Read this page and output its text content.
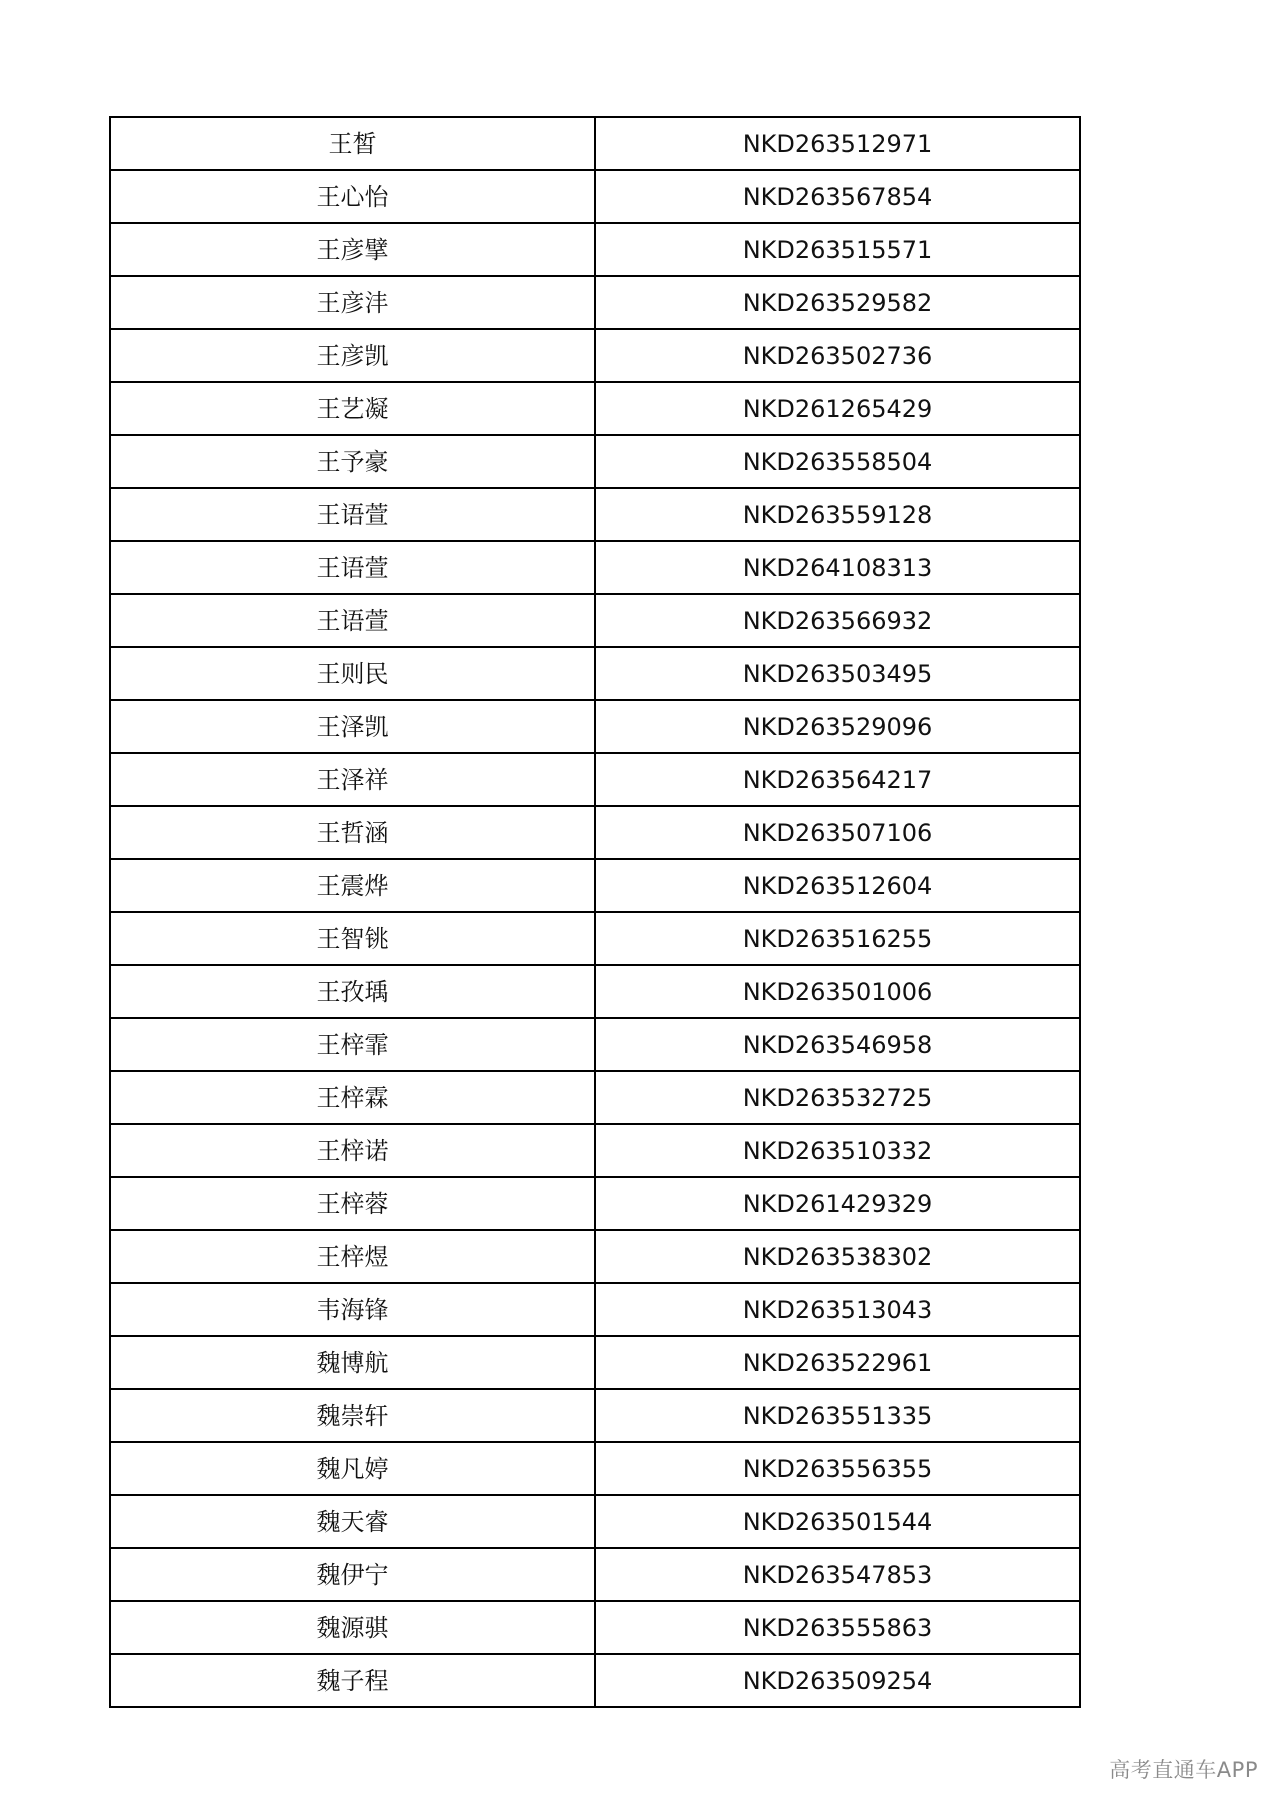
王皙	NKD263512971
王心怡	NKD263567854
王彦擘	NKD263515571
王彦沣	NKD263529582
王彦凯	NKD263502736
王艺凝	NKD261265429
王予豪	NKD263558504
王语萱	NKD263559128
王语萱	NKD264108313
王语萱	NKD263566932
王则民	NKD263503495
王泽凯	NKD263529096
王泽祥	NKD263564217
王哲涵	NKD263507106
王震烨	NKD263512604
王智铫	NKD263516255
王孜瑀	NKD263501006
王梓霏	NKD263546958
王梓霖	NKD263532725
王梓诺	NKD263510332
王梓蓉	NKD261429329
王梓煜	NKD263538302
韦海锋	NKD263513043
魏博航	NKD263522961
魏崇轩	NKD263551335
魏凡婷	NKD263556355
魏天睿	NKD263501544
魏伊宁	NKD263547853
魏源骐	NKD263555863
魏子程	NKD263509254
高考直通车APP
